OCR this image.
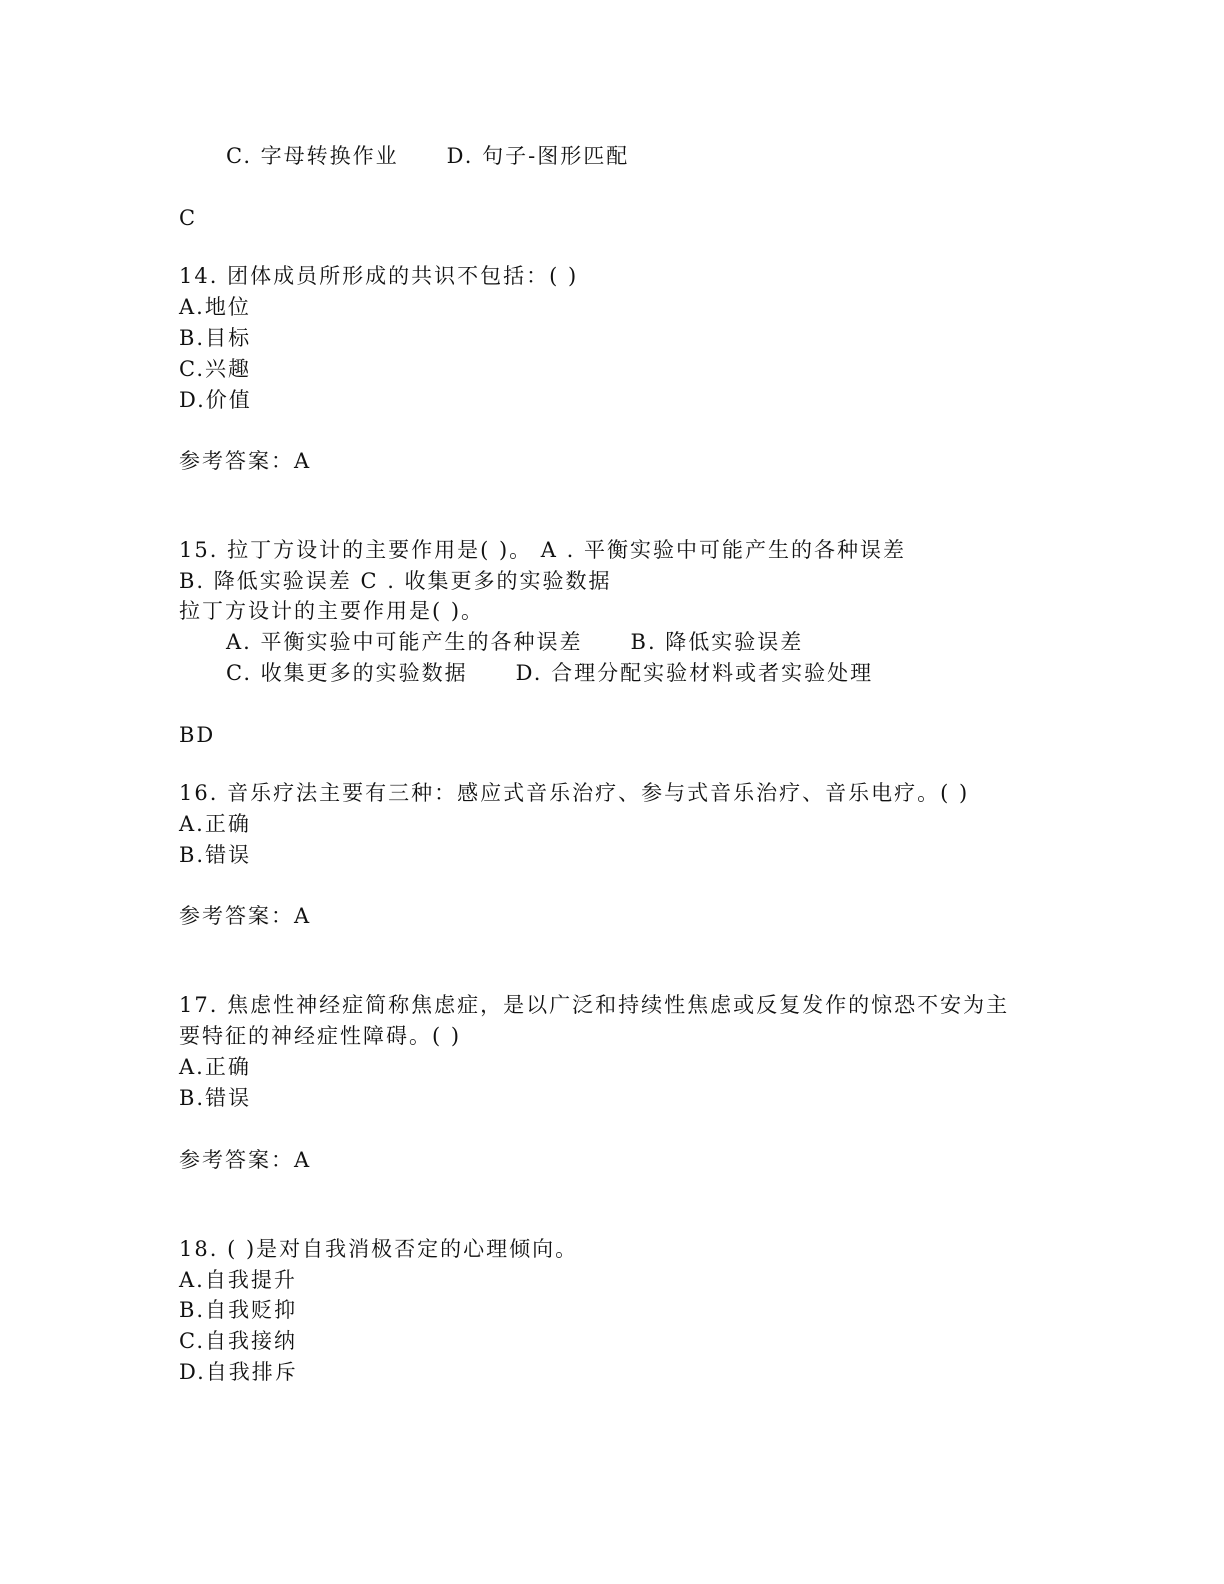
C. 字母转换作业 D. 句子-图形匹配
C
14. 团体成员所形成的共识不包括：( )
A.地位
B.目标
C.兴趣
D.价值
参考答案：A
15. 拉丁方设计的主要作用是( )。 A . 平衡实验中可能产生的各种误差
B. 降低实验误差 C . 收集更多的实验数据
拉丁方设计的主要作用是( )。
A. 平衡实验中可能产生的各种误差 B. 降低实验误差
C. 收集更多的实验数据 D. 合理分配实验材料或者实验处理
BD
16. 音乐疗法主要有三种：感应式音乐治疗、参与式音乐治疗、音乐电疗。( )
A.正确
B.错误
参考答案：A
17. 焦虑性神经症简称焦虑症，是以广泛和持续性焦虑或反复发作的惊恐不安为主
要特征的神经症性障碍。( )
A.正确
B.错误
参考答案：A
18. ( )是对自我消极否定的心理倾向。
A.自我提升
B.自我贬抑
C.自我接纳
D.自我排斥
